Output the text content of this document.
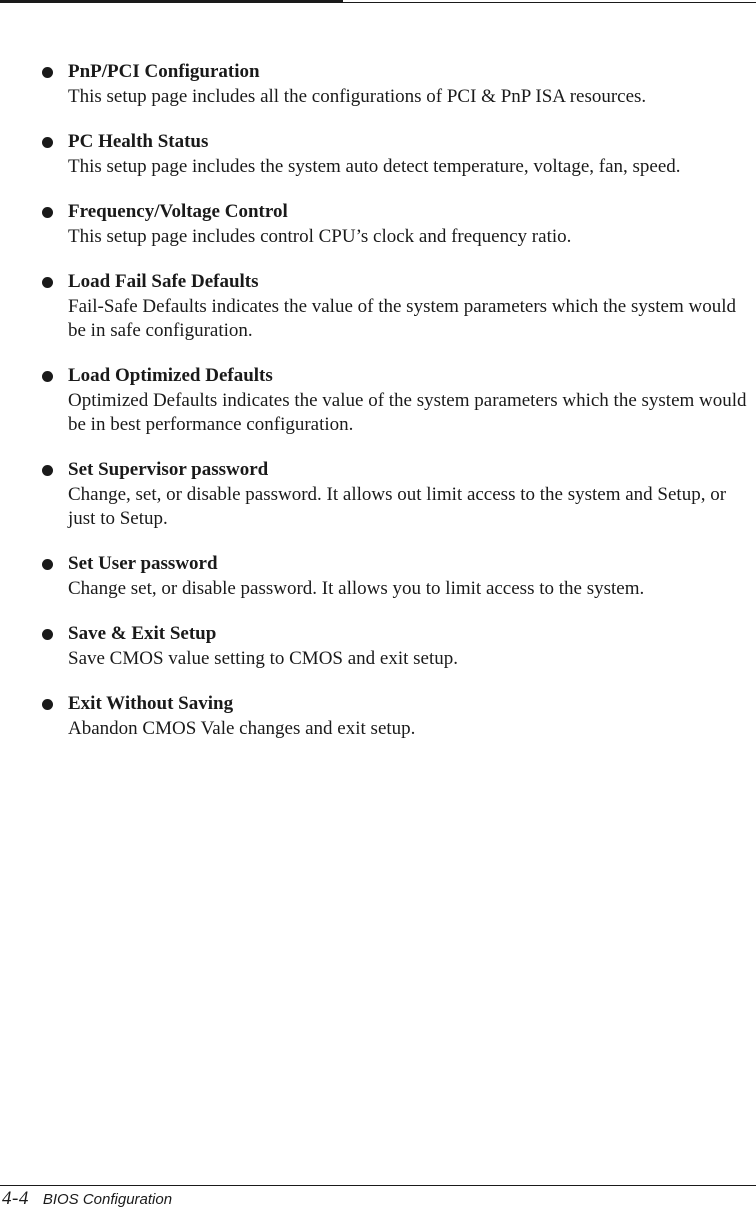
PnP/PCI Configuration
This setup page includes all the configurations of PCI & PnP ISA resources.
PC Health Status
This setup page includes the system auto detect temperature, voltage, fan, speed.
Frequency/Voltage Control
This setup page includes control CPU’s clock and frequency ratio.
Load Fail Safe Defaults
Fail-Safe Defaults indicates the value of the system parameters which the system would be in safe configuration.
Load Optimized Defaults
Optimized Defaults indicates the value of the system parameters which the system would be in best performance configuration.
Set Supervisor password
Change, set, or disable password. It allows out limit access to the system and Setup, or just to Setup.
Set User password
Change set, or disable password. It allows you to limit access to the system.
Save & Exit Setup
Save CMOS value setting to CMOS and exit setup.
Exit Without Saving
Abandon CMOS Vale changes and exit setup.
4-4 BIOS Configuration
